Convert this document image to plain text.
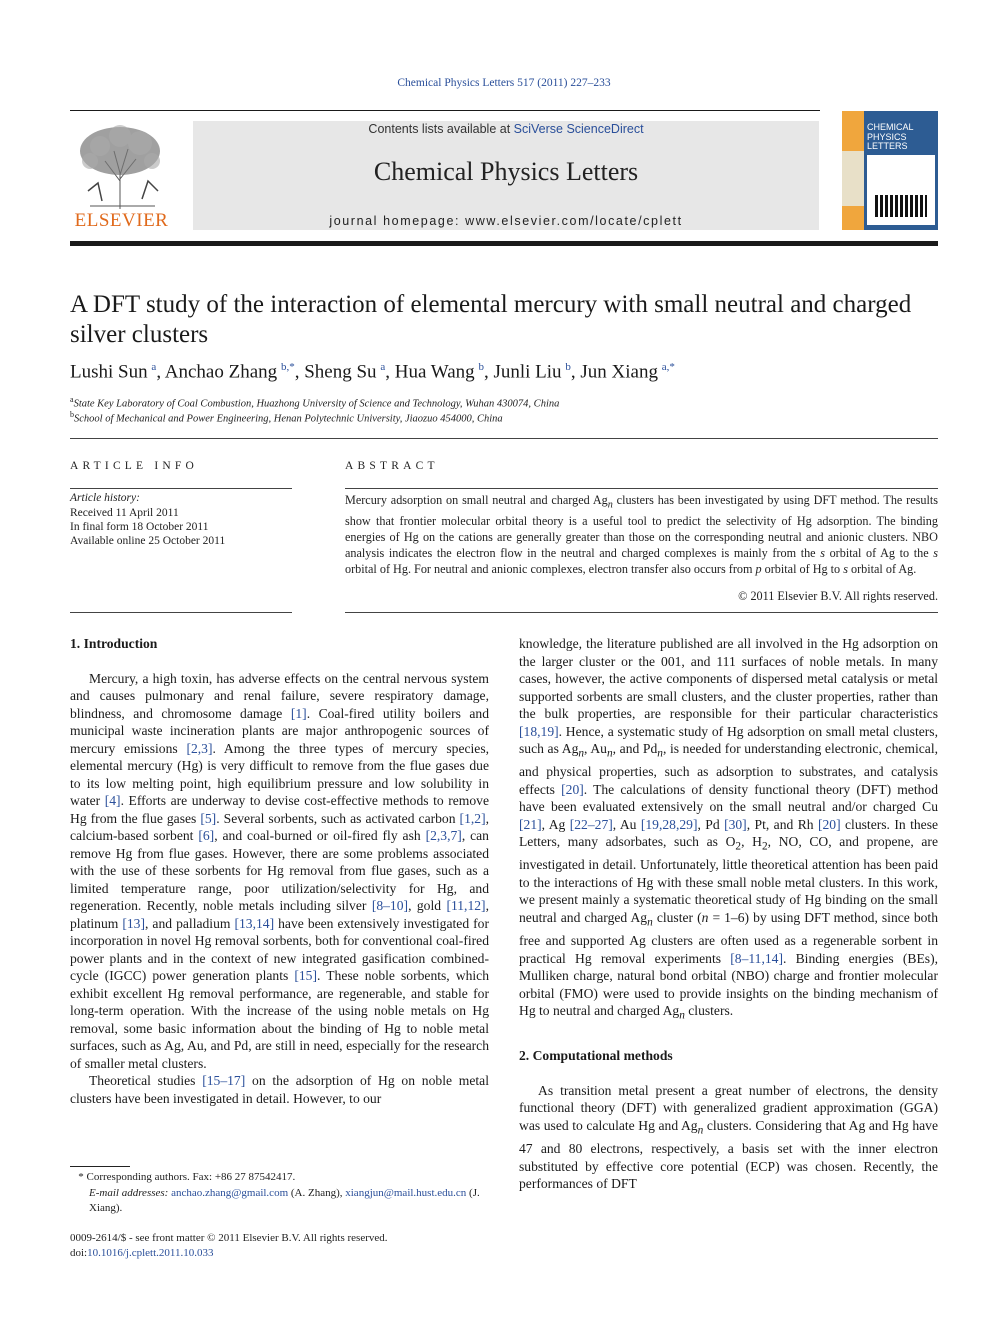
Chemical Physics Letters 517 (2011) 227–233
ELSEVIER
Contents lists available at SciVerse ScienceDirect
Chemical Physics Letters
journal homepage: www.elsevier.com/locate/cplett
CHEMICAL
PHYSICS
LETTERS
A DFT study of the interaction of elemental mercury with small neutral and charged silver clusters
Lushi Sun  $^a$, Anchao Zhang  $^{b,*}$, Sheng Su  $^a$, Hua Wang  $^b$, Junli Liu  $^b$, Jun Xiang  $^{a,*}$
$^a$State Key Laboratory of Coal Combustion, Huazhong University of Science and Technology, Wuhan 430074, China
$^b$School of Mechanical and Power Engineering, Henan Polytechnic University, Jiaozuo 454000, China
ARTICLE INFO
Article history:
Received 11 April 2011
In final form 18 October 2011
Available online 25 October 2011
ABSTRACT
Mercury adsorption on small neutral and charged $Ag_n$ clusters has been investigated by using DFT method. The results show that frontier molecular orbital theory is a useful tool to predict the selectivity of Hg adsorption. The binding energies of Hg on the cations are generally greater than those on the corresponding neutral and anionic clusters. NBO analysis indicates the electron flow in the neutral and charged complexes is mainly from the s orbital of Ag to the s orbital of Hg. For neutral and anionic complexes, electron transfer also occurs from p orbital of Hg to s orbital of Ag.
© 2011 Elsevier B.V. All rights reserved.
1. Introduction

Mercury, a high toxin, has adverse effects on the central nervous system and causes pulmonary and renal failure, severe respiratory damage, blindness, and chromosome damage [1]. Coal-fired utility boilers and municipal waste incineration plants are major anthropogenic sources of mercury emissions [2,3]. Among the three types of mercury species, elemental mercury (Hg) is very difficult to remove from the flue gases due to its low melting point, high equilibrium pressure and low solubility in water [4]. Efforts are underway to devise cost-effective methods to remove Hg from the flue gases [5]. Several sorbents, such as activated carbon [1,2], calcium-based sorbent [6], and coal-burned or oil-fired fly ash [2,3,7], can remove Hg from flue gases. However, there are some problems associated with the use of these sorbents for Hg removal from flue gases, such as a limited temperature range, poor utilization/selectivity for Hg, and regeneration. Recently, noble metals including silver [8–10], gold [11,12], platinum [13], and palladium [13,14] have been extensively investigated for incorporation in novel Hg removal sorbents, both for conventional coal-fired power plants and in the context of new integrated gasification combined-cycle (IGCC) power generation plants [15]. These noble sorbents, which exhibit excellent Hg removal performance, are regenerable, and stable for long-term operation. With the increase of the using noble metals on Hg removal, some basic information about the binding of Hg to noble metal surfaces, such as Ag, Au, and Pd, are still in need, especially for the research of smaller metal clusters.

Theoretical studies [15–17] on the adsorption of Hg on noble metal clusters have been investigated in detail. However, to our

knowledge, the literature published are all involved in the Hg adsorption on the larger cluster or the 001, and 111 surfaces of noble metals. In many cases, however, the active components of dispersed metal catalysis or metal supported sorbents are small clusters, and the cluster properties, rather than the bulk properties, are responsible for their particular characteristics [18,19]. Hence, a systematic study of Hg adsorption on small metal clusters, such as $Ag_n$, $Au_n$, and $Pd_n$, is needed for understanding electronic, chemical, and physical properties, such as adsorption to substrates, and catalysis effects [20]. The calculations of density functional theory (DFT) method have been evaluated extensively on the small neutral and/or charged Cu [21], Ag [22–27], Au [19,28,29], Pd [30], Pt, and Rh [20] clusters. In these Letters, many adsorbates, such as $O_2$, $H_2$, NO, CO, and propene, are investigated in detail. Unfortunately, little theoretical attention has been paid to the interactions of Hg with these small noble metal clusters. In this work, we present mainly a systematic theoretical study of Hg binding on the small neutral and charged $Ag_n$ cluster (n = 1–6) by using DFT method, since both free and supported Ag clusters are often used as a regenerable sorbent in practical Hg removal experiments [8–11,14]. Binding energies (BEs), Mulliken charge, natural bond orbital (NBO) charge and frontier molecular orbital (FMO) were used to provide insights on the binding mechanism of Hg to neutral and charged $Ag_n$ clusters.

2. Computational methods

As transition metal present a great number of electrons, the density functional theory (DFT) with generalized gradient approximation (GGA) was used to calculate Hg and $Ag_n$ clusters. Considering that Ag and Hg have 47 and 80 electrons, respectively, a basis set with the inner electron substituted by effective core potential (ECP) was chosen. Recently, the performances of DFT

* Corresponding authors. Fax: +86 27 87542417.
E-mail addresses: anchao.zhang@gmail.com (A. Zhang), xiangjun@mail.hust.edu.cn (J. Xiang).
0009-2614/$ - see front matter © 2011 Elsevier B.V. All rights reserved.
doi:10.1016/j.cplett.2011.10.033
